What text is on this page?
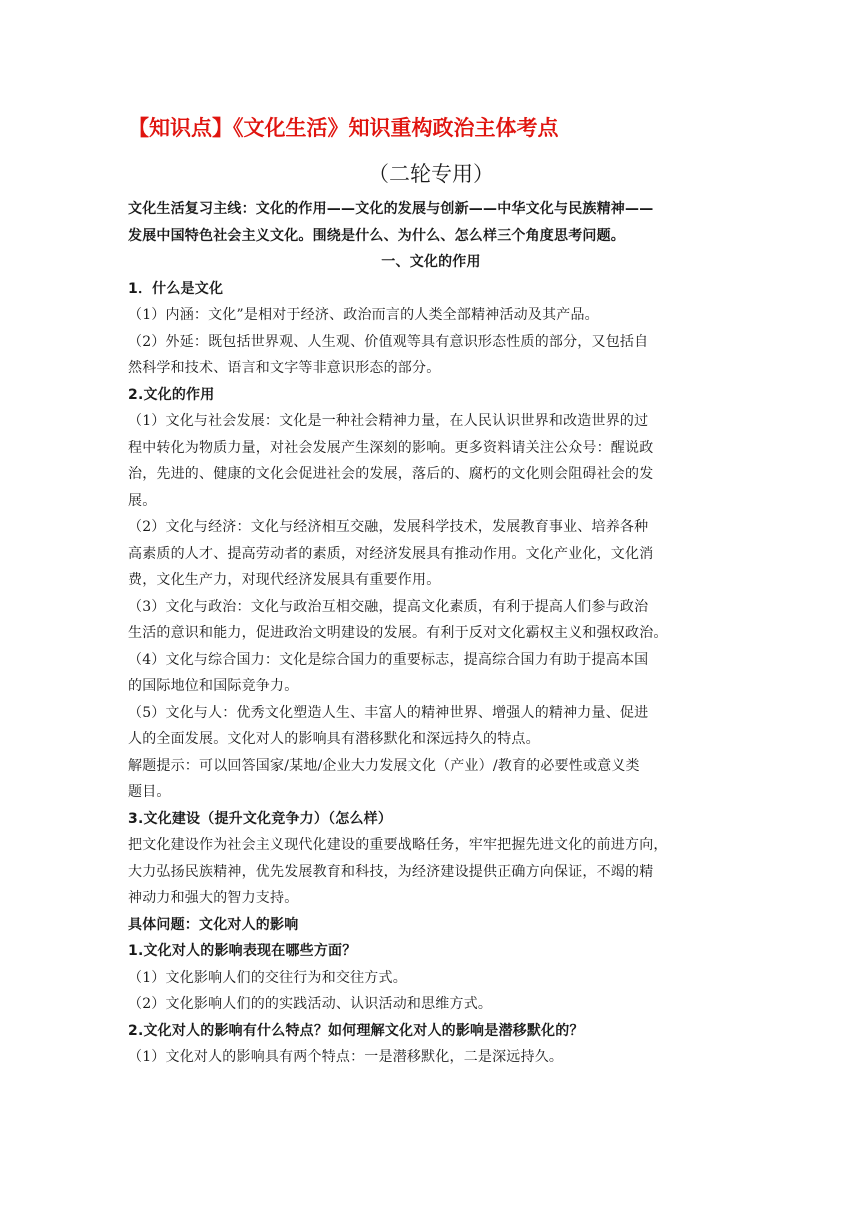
【知识点】《文化生活》知识重构政治主体考点
（二轮专用）
文化生活复习主线：文化的作用——文化的发展与创新——中华文化与民族精神——
发展中国特色社会主义文化。围绕是什么、为什么、怎么样三个角度思考问题。
一、文化的作用
1．什么是文化
（1）内涵：文化”是相对于经济、政治而言的人类全部精神活动及其产品。
（2）外延：既包括世界观、人生观、价值观等具有意识形态性质的部分，又包括自
然科学和技术、语言和文字等非意识形态的部分。
2.文化的作用
（1）文化与社会发展：文化是一种社会精神力量，在人民认识世界和改造世界的过
程中转化为物质力量，对社会发展产生深刻的影响。更多资料请关注公众号：醒说政
治，先进的、健康的文化会促进社会的发展，落后的、腐朽的文化则会阻碍社会的发
展。
（2）文化与经济：文化与经济相互交融，发展科学技术，发展教育事业、培养各种
高素质的人才、提高劳动者的素质，对经济发展具有推动作用。文化产业化，文化消
费，文化生产力，对现代经济发展具有重要作用。
（3）文化与政治：文化与政治互相交融，提高文化素质，有利于提高人们参与政治
生活的意识和能力，促进政治文明建设的发展。有利于反对文化霸权主义和强权政治。
（4）文化与综合国力：文化是综合国力的重要标志，提高综合国力有助于提高本国
的国际地位和国际竞争力。
（5）文化与人：优秀文化塑造人生、丰富人的精神世界、增强人的精神力量、促进
人的全面发展。文化对人的影响具有潜移默化和深远持久的特点。
解题提示：可以回答国家/某地/企业大力发展文化（产业）/教育的必要性或意义类
题目。
3.文化建设（提升文化竞争力）（怎么样）
把文化建设作为社会主义现代化建设的重要战略任务，牢牢把握先进文化的前进方向，
大力弘扬民族精神，优先发展教育和科技，为经济建设提供正确方向保证，不竭的精
神动力和强大的智力支持。
具体问题：文化对人的影响
1.文化对人的影响表现在哪些方面？
（1）文化影响人们的交往行为和交往方式。
（2）文化影响人们的的实践活动、认识活动和思维方式。
2.文化对人的影响有什么特点？如何理解文化对人的影响是潜移默化的？
（1）文化对人的影响具有两个特点：一是潜移默化，二是深远持久。
